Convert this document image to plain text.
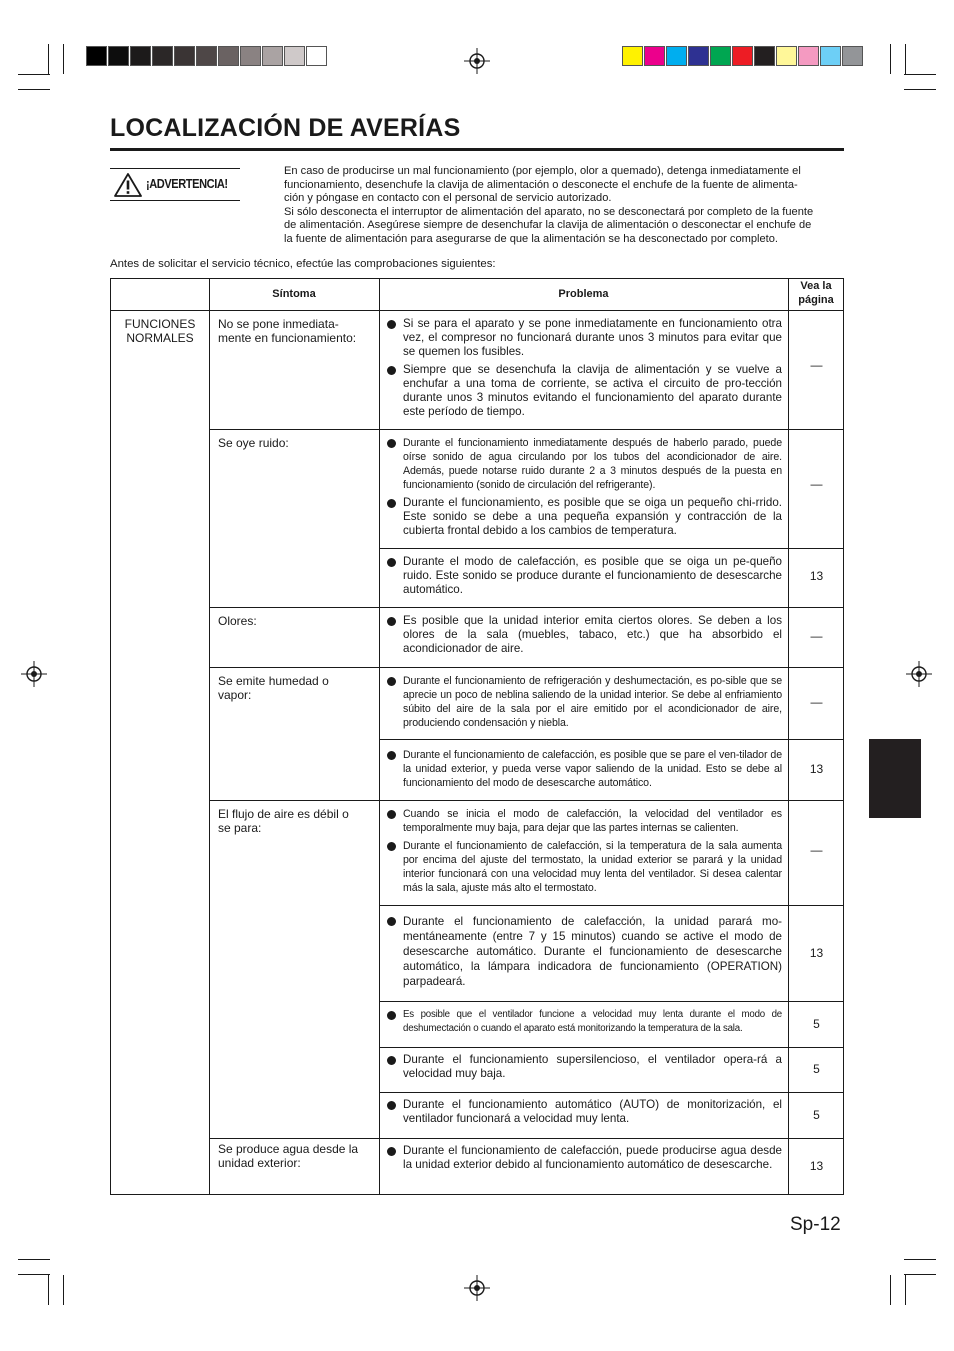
LOCALIZACIÓN DE AVERÍAS
¡ADVERTENCIA!

En caso de producirse un mal funcionamiento (por ejemplo, olor a quemado), detenga inmediatamente el
funcionamiento, desenchufe la clavija de alimentación o desconecte el enchufe de la fuente de alimenta-
ción y póngase en contacto con el personal de servicio autorizado.
Si sólo desconecta el interruptor de alimentación del aparato, no se desconectará por completo de la fuente
de alimentación. Asegúrese siempre de desenchufar la clavija de alimentación o desconectar el enchufe de
la fuente de alimentación para asegurarse de que la alimentación se ha desconectado por completo.

Antes de solicitar el servicio técnico, efectúe las comprobaciones siguientes:

Síntoma	Problema
Vea la
página
FUNCIONES
NORMALES
No se pone inmediata-
mente en funcionamiento:
Se oye ruido:
Olores:
Se emite humedad o
vapor:
El flujo de aire es débil o
se para:
Se produce agua desde la
unidad exterior:

Si se para el aparato y se pone inmediatamente en funcionamiento otra vez, el compresor no funcionará durante unos 3 minutos para evitar que se quemen los fusibles.

Siempre que se desenchufa la clavija de alimentación y se vuelve a enchufar a una toma de corriente, se activa el circuito de pro-tección durante unos 3 minutos evitando el funcionamiento del aparato durante este período de tiempo.

Durante el funcionamiento inmediatamente después de haberlo parado, puede oírse sonido de agua circulando por los tubos del acondicionador de aire. Además, puede notarse ruido durante 2 a 3 minutos después de la puesta en funcionamiento (sonido de circulación del refrigerante).

Durante el funcionamiento, es posible que se oiga un pequeño chi-rrido. Este sonido se debe a una pequeña expansión y contracción de la cubierta frontal debido a los cambios de temperatura.

Durante el modo de calefacción, es posible que se oiga un pe-queño ruido. Este sonido se produce durante el funcionamiento de desescarche automático.

Es posible que la unidad interior emita ciertos olores. Se deben a los olores de la sala (muebles, tabaco, etc.) que ha absorbido el acondicionador de aire.

Durante el funcionamiento de refrigeración y deshumectación, es po-sible que se aprecie un poco de neblina saliendo de la unidad interior. Se debe al enfriamiento súbito del aire de la sala por el aire emitido por el acondicionador de aire, produciendo condensación y niebla.

Durante el funcionamiento de calefacción, es posible que se pare el ven-tilador de la unidad exterior, y pueda verse vapor saliendo de la unidad. Esto se debe al funcionamiento del modo de desescarche automático.

Cuando se inicia el modo de calefacción, la velocidad del ventilador es temporalmente muy baja, para dejar que las partes internas se calienten.

Durante el funcionamiento de calefacción, si la temperatura de la sala aumenta por encima del ajuste del termostato, la unidad exterior se parará y la unidad interior funcionará con una velocidad muy lenta del ventilador. Si desea calentar más la sala, ajuste más alto el termostato.

Durante el funcionamiento de calefacción, la unidad parará mo-mentáneamente (entre 7 y 15 minutos) cuando se active el modo de desescarche automático. Durante el funcionamiento de desescarche automático, la lámpara indicadora de funcionamiento (OPERATION) parpadeará.

Es posible que el ventilador funcione a velocidad muy lenta durante el modo de deshumectación o cuando el aparato está monitorizando la temperatura de la sala.

Durante el funcionamiento supersilencioso, el ventilador opera-rá a velocidad muy baja.

Durante el funcionamiento automático (AUTO) de monitorización, el ventilador funcionará a velocidad muy lenta.

Durante el funcionamiento de calefacción, puede producirse agua desde la unidad exterior debido al funcionamiento automático de desescarche.

—
—
13
—
—
13
—
13
5
5
5
13

Sp-12
